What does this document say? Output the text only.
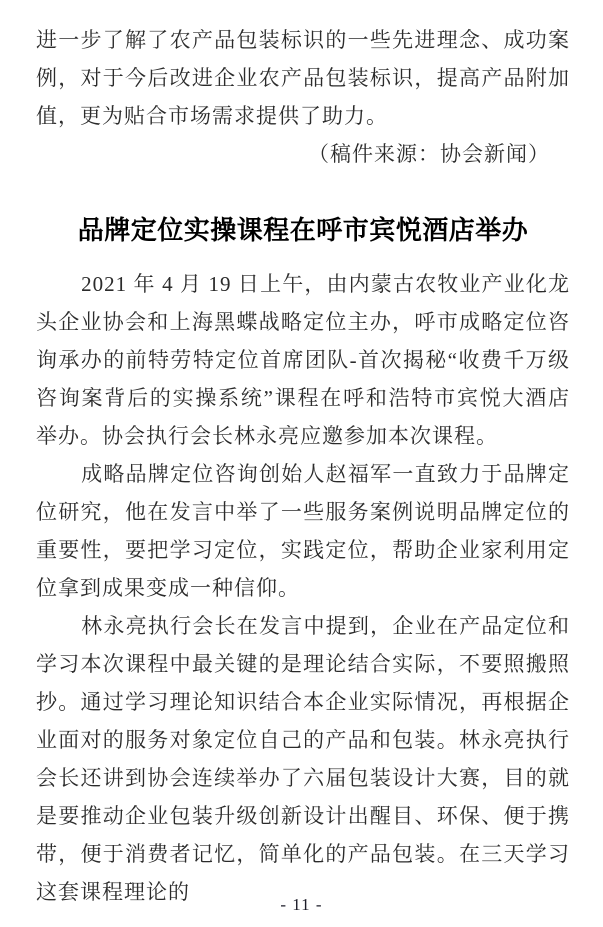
进一步了解了农产品包装标识的一些先进理念、成功案例，对于今后改进企业农产品包装标识，提高产品附加值，更为贴合市场需求提供了助力。

（稿件来源：协会新闻）

品牌定位实操课程在呼市宾悦酒店举办

2021 年 4 月 19 日上午，由内蒙古农牧业产业化龙头企业协会和上海黑蝶战略定位主办，呼市成略定位咨询承办的前特劳特定位首席团队-首次揭秘“收费千万级咨询案背后的实操系统”课程在呼和浩特市宾悦大酒店举办。协会执行会长林永亮应邀参加本次课程。

成略品牌定位咨询创始人赵福军一直致力于品牌定位研究，他在发言中举了一些服务案例说明品牌定位的重要性，要把学习定位，实践定位，帮助企业家利用定位拿到成果变成一种信仰。

林永亮执行会长在发言中提到，企业在产品定位和学习本次课程中最关键的是理论结合实际，不要照搬照抄。通过学习理论知识结合本企业实际情况，再根据企业面对的服务对象定位自己的产品和包装。林永亮执行会长还讲到协会连续举办了六届包装设计大赛，目的就是要推动企业包装升级创新设计出醒目、环保、便于携带，便于消费者记忆，简单化的产品包装。在三天学习这套课程理论的

- 11 -
